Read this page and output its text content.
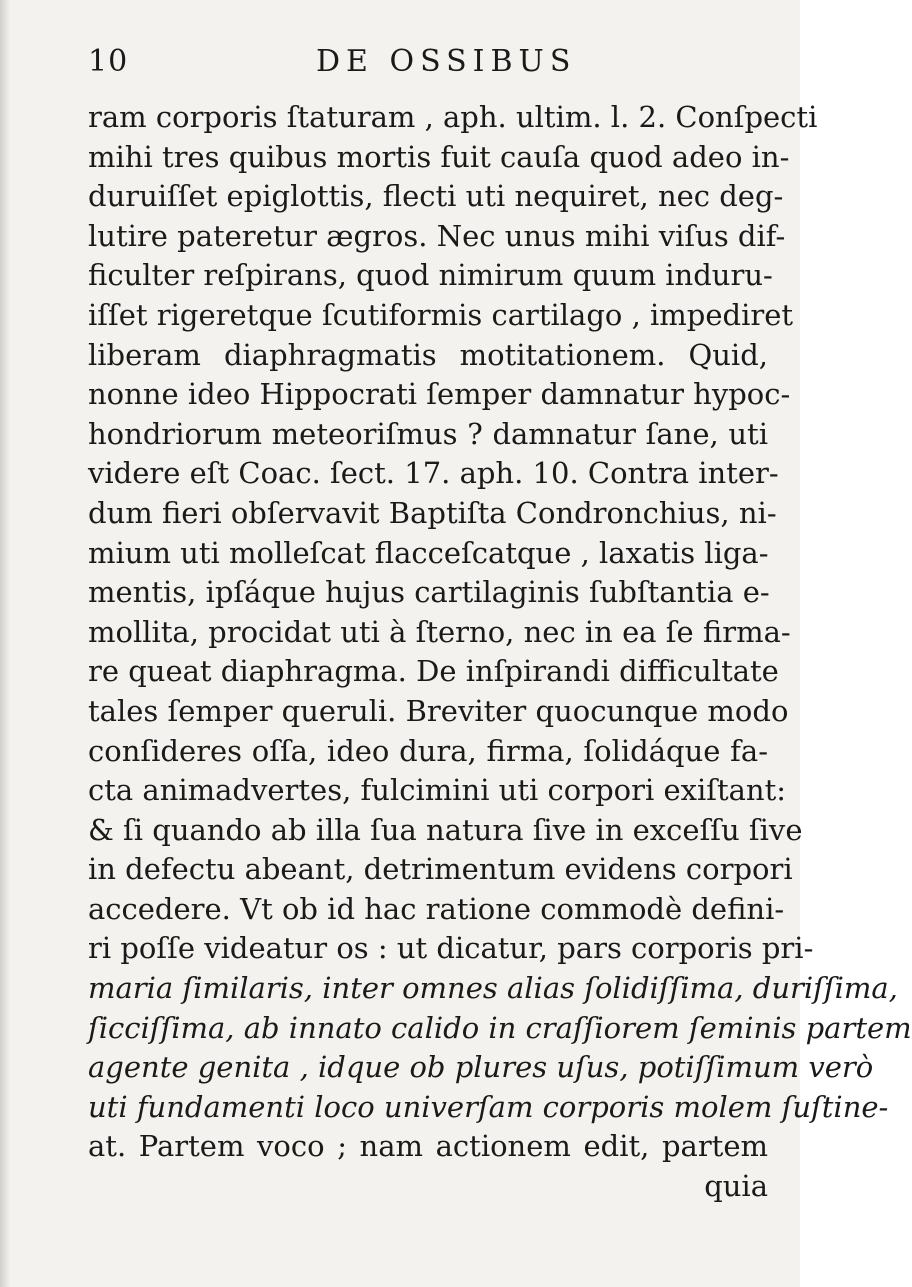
10	DE OSSIBUS
ram corporis ſtaturam , aph. ultim. l. 2. Conſpecti
mihi tres quibus mortis fuit cauſa quod adeo in-
duruiſſet epiglottis, flecti uti nequiret, nec deg-
lutire pateretur ægros. Nec unus mihi viſus dif-
ficulter reſpirans, quod nimirum quum induru-
iſſet rigeretque ſcutiformis cartilago , impediret
liberam diaphragmatis motitationem. Quid,
nonne ideo Hippocrati ſemper damnatur hypoc-
hondriorum meteoriſmus ? damnatur ſane, uti
videre eſt Coac. ſect. 17. aph. 10. Contra inter-
dum fieri obſervavit Baptiſta Condronchius, ni-
mium uti molleſcat flacceſcatque , laxatis liga-
mentis, ipſáque hujus cartilaginis ſubſtantia e-
mollita, procidat uti à ſterno, nec in ea ſe firma-
re queat diaphragma. De inſpirandi difficultate
tales ſemper queruli. Breviter quocunque modo
conſideres oſſa, ideo dura, firma, ſolidáque fa-
cta animadvertes, fulcimini uti corpori exiſtant:
& ſi quando ab illa ſua natura ſive in exceſſu ſive
in defectu abeant, detrimentum evidens corpori
accedere. Vt ob id hac ratione commodè defini-
ri poſſe videatur os : ut dicatur, pars corporis pri-
maria ſimilaris, inter omnes alias ſolidiſſima, duriſſima,
ſicciſſima, ab innato calido in craſſiorem ſeminis partem
agente genita , idque ob plures uſus, potiſſimum verò
uti fundamenti loco univerſam corporis molem ſuſtine-
at. Partem voco ; nam actionem edit, partem
quia
